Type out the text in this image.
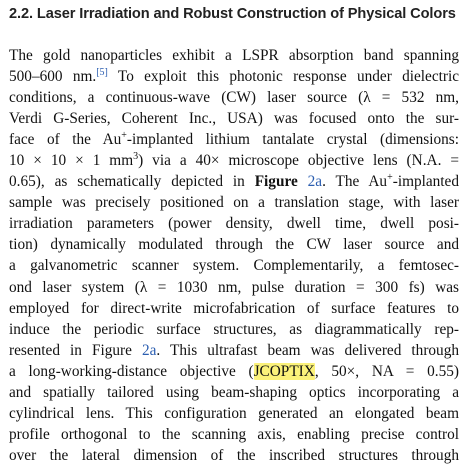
2.2. Laser Irradiation and Robust Construction of Physical Colors
The gold nanoparticles exhibit a LSPR absorption band spanning
500–600 nm.[5] To exploit this photonic response under dielectric
conditions, a continuous-wave (CW) laser source (λ = 532 nm,
Verdi G-Series, Coherent Inc., USA) was focused onto the sur-
face of the Au+-implanted lithium tantalate crystal (dimensions:
10 × 10 × 1 $mm^3$) via a 40× microscope objective lens (N.A. =
0.65), as schematically depicted in Figure 2a. The Au+-implanted
sample was precisely positioned on a translation stage, with laser
irradiation parameters (power density, dwell time, dwell posi-
tion) dynamically modulated through the CW laser source and
a galvanometric scanner system. Complementarily, a femtosec-
ond laser system (λ = 1030 nm, pulse duration = 300 fs) was
employed for direct-write microfabrication of surface features to
induce the periodic surface structures, as diagrammatically rep-
resented in Figure 2a. This ultrafast beam was delivered through
a long-working-distance objective (JCOPTIX, 50×, NA = 0.55)
and spatially tailored using beam-shaping optics incorporating a
cylindrical lens. This configuration generated an elongated beam
profile orthogonal to the scanning axis, enabling precise control
over the lateral dimension of the inscribed structures through
